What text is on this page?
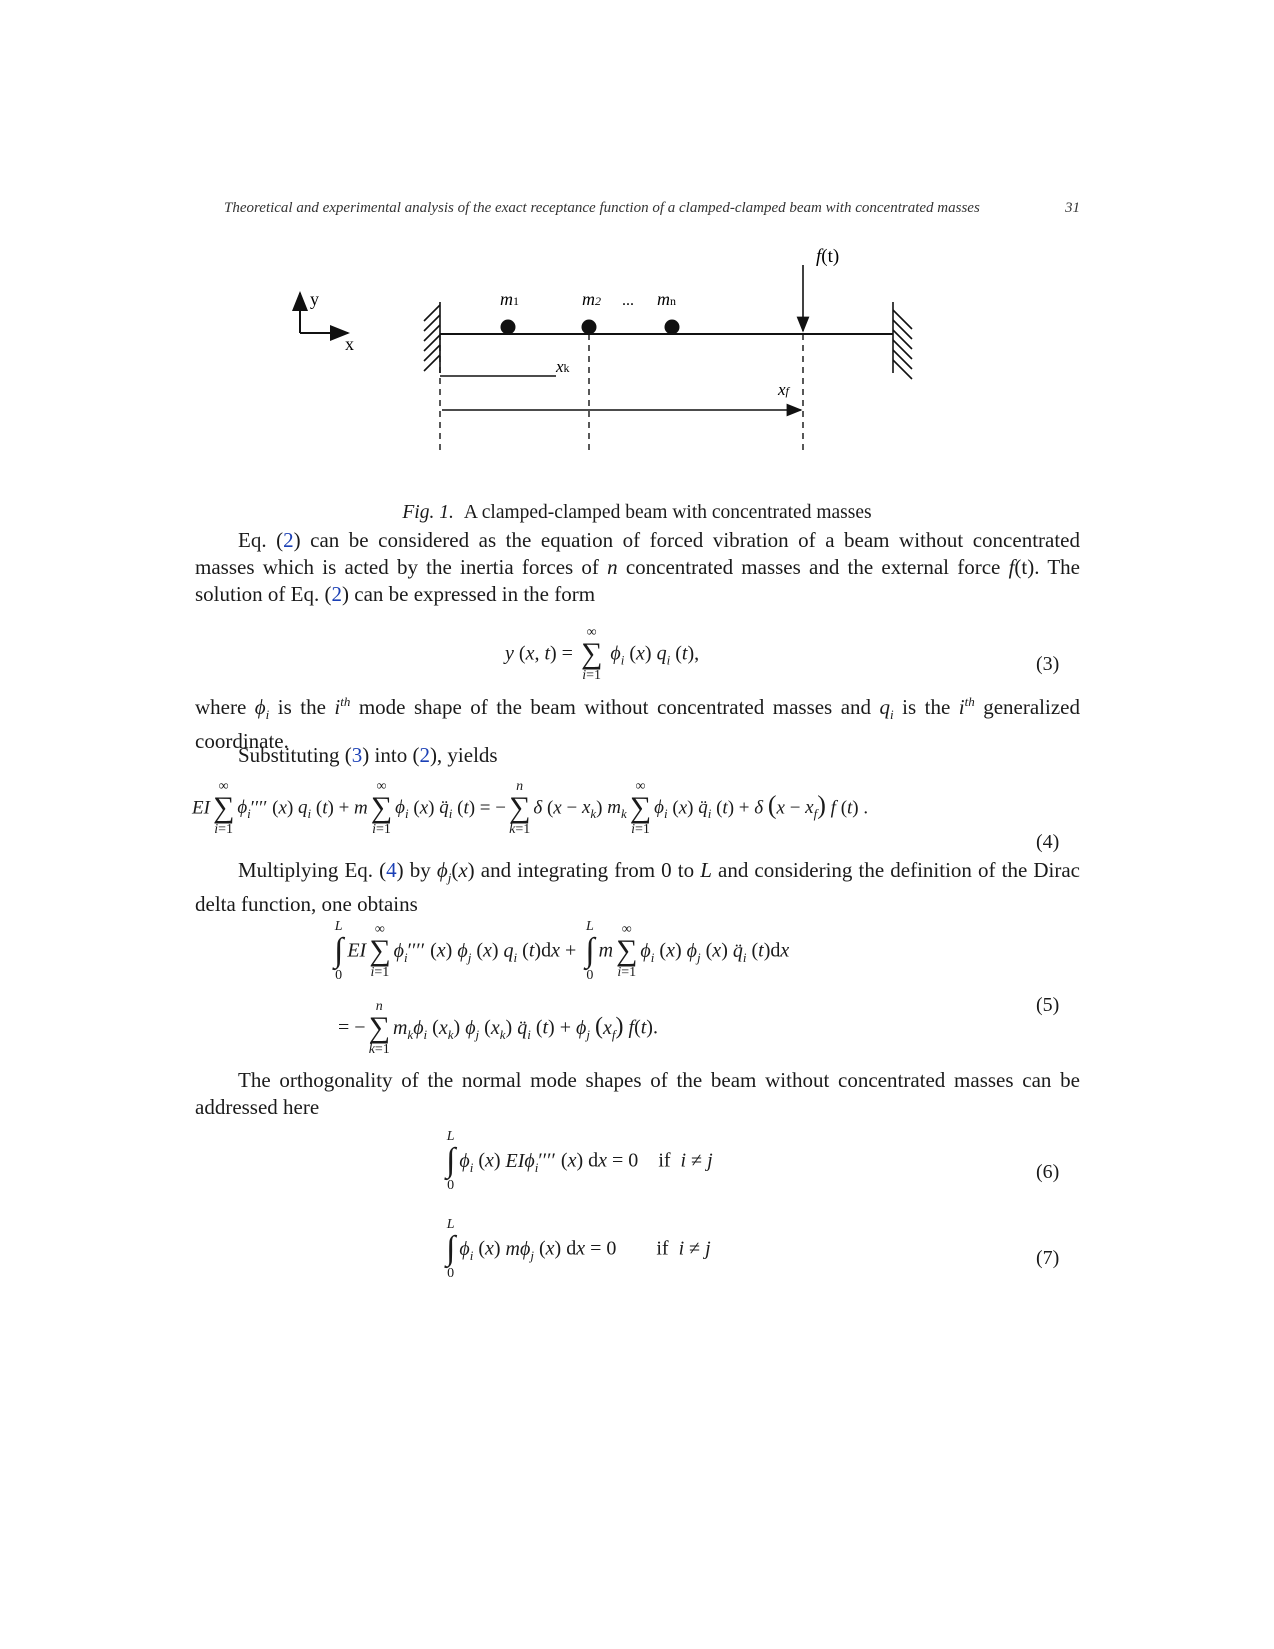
Theoretical and experimental analysis of the exact receptance function of a clamped-clamped beam with concentrated masses	31
y
x
m1	m2 ... mn
f(t)
xk
xf
Fig. 1. A clamped-clamped beam with concentrated masses
Eq. (2) can be considered as the equation of forced vibration of a beam without concentrated masses which is acted by the inertia forces of n concentrated masses and the external force f(t). The solution of Eq. (2) can be expressed in the form
y (x, t) =
∞
∑
i=1
$\phi_i$ (x) $q_i$ (t),	(3)
where $\phi_i$ is the $i^{th}$ mode shape of the beam without concentrated masses and $q_i$ is the $i^{th}$ generalized coordinate.
Substituting (3) into (2), yields
EI
∞
∑
i=1
$\phi_i''''$ (x) $q_i$ (t) + m
∞
∑
i=1
$\phi_i$ (x) $q̈_i$ (t) = −
n
∑
k=1
δ $(x - x_k)$ $m_k$
∞
∑
i=1
$\phi_i$ (x) $q̈_i$ (t) + δ $(x - x_f)$ f (t) .
(4)
Multiplying Eq. (4) by $\phi_j(x)$ and integrating from 0 to L and considering the definition of the Dirac delta function, one obtains
L
∫
0
EI
∞
∑
i=1
$\phi_i''''$ (x) $\phi_j$ (x) $q_i$ (t)dx +
L
∫
0
m
∞
∑
i=1
$\phi_i$ (x) $\phi_j$ (x) $q̈_i$ (t)dx
= −
n
∑
k=1
$m_k\phi_i$ $(x_k)$ $\phi_j$ $(x_k)$ $q̈_i$ $(t) + \phi_j$ $(x_f)$ f(t).
(5)
The orthogonality of the normal mode shapes of the beam without concentrated masses can be addressed here
L
∫
0
$\phi_i$ (x) EIϕ$_i$′′′′ (x) dx = 0    if i ≠ j
(6)
L
∫
0
$\phi_i$ (x) $m\phi_j$ (x) dx = 0        if i ≠ j	(7)
